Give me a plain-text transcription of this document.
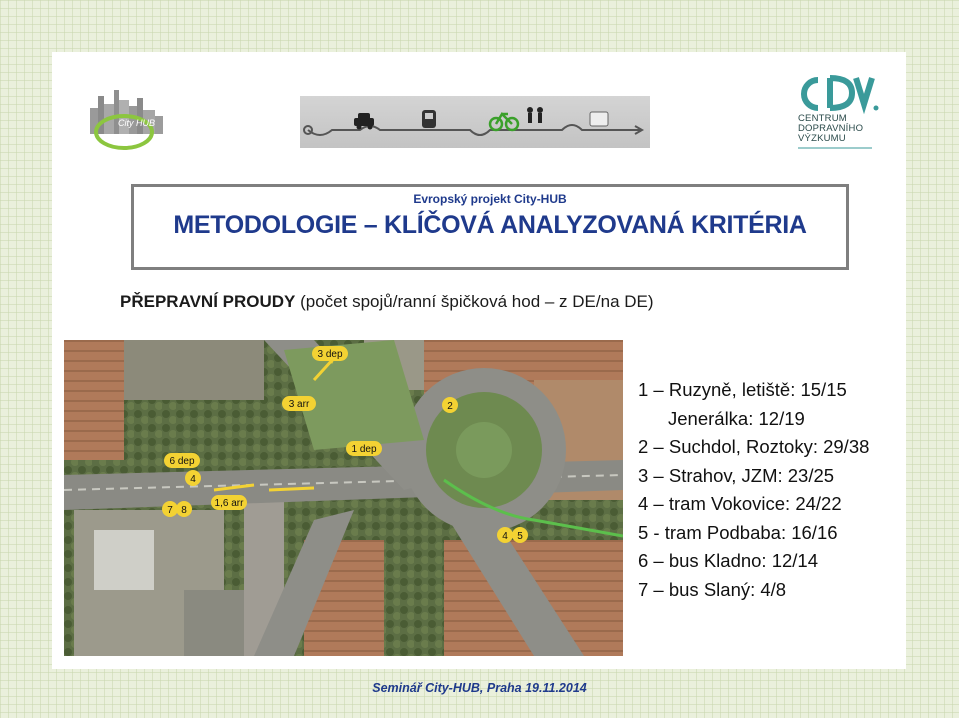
City HUB	CENTRUM
DOPRAVNÍHO
VÝZKUMU
Evropský projekt City-HUB
METODOLOGIE – KLÍČOVÁ ANALYZOVANÁ KRITÉRIA
PŘEPRAVNÍ PROUDY (počet spojů/ranní špičková hod – z DE/na DE)
3 dep
3 arr	2
1 dep
6 dep
4
7 8
1,6 arr
4 5
1 – Ruzyně, letiště: 15/15
Jenerálka: 12/19
2 – Suchdol, Roztoky: 29/38
3 – Strahov, JZM: 23/25
4 – tram Vokovice: 24/22
5 - tram Podbaba: 16/16
6 – bus Kladno: 12/14
7 – bus Slaný: 4/8
Seminář City-HUB, Praha 19.11.2014
